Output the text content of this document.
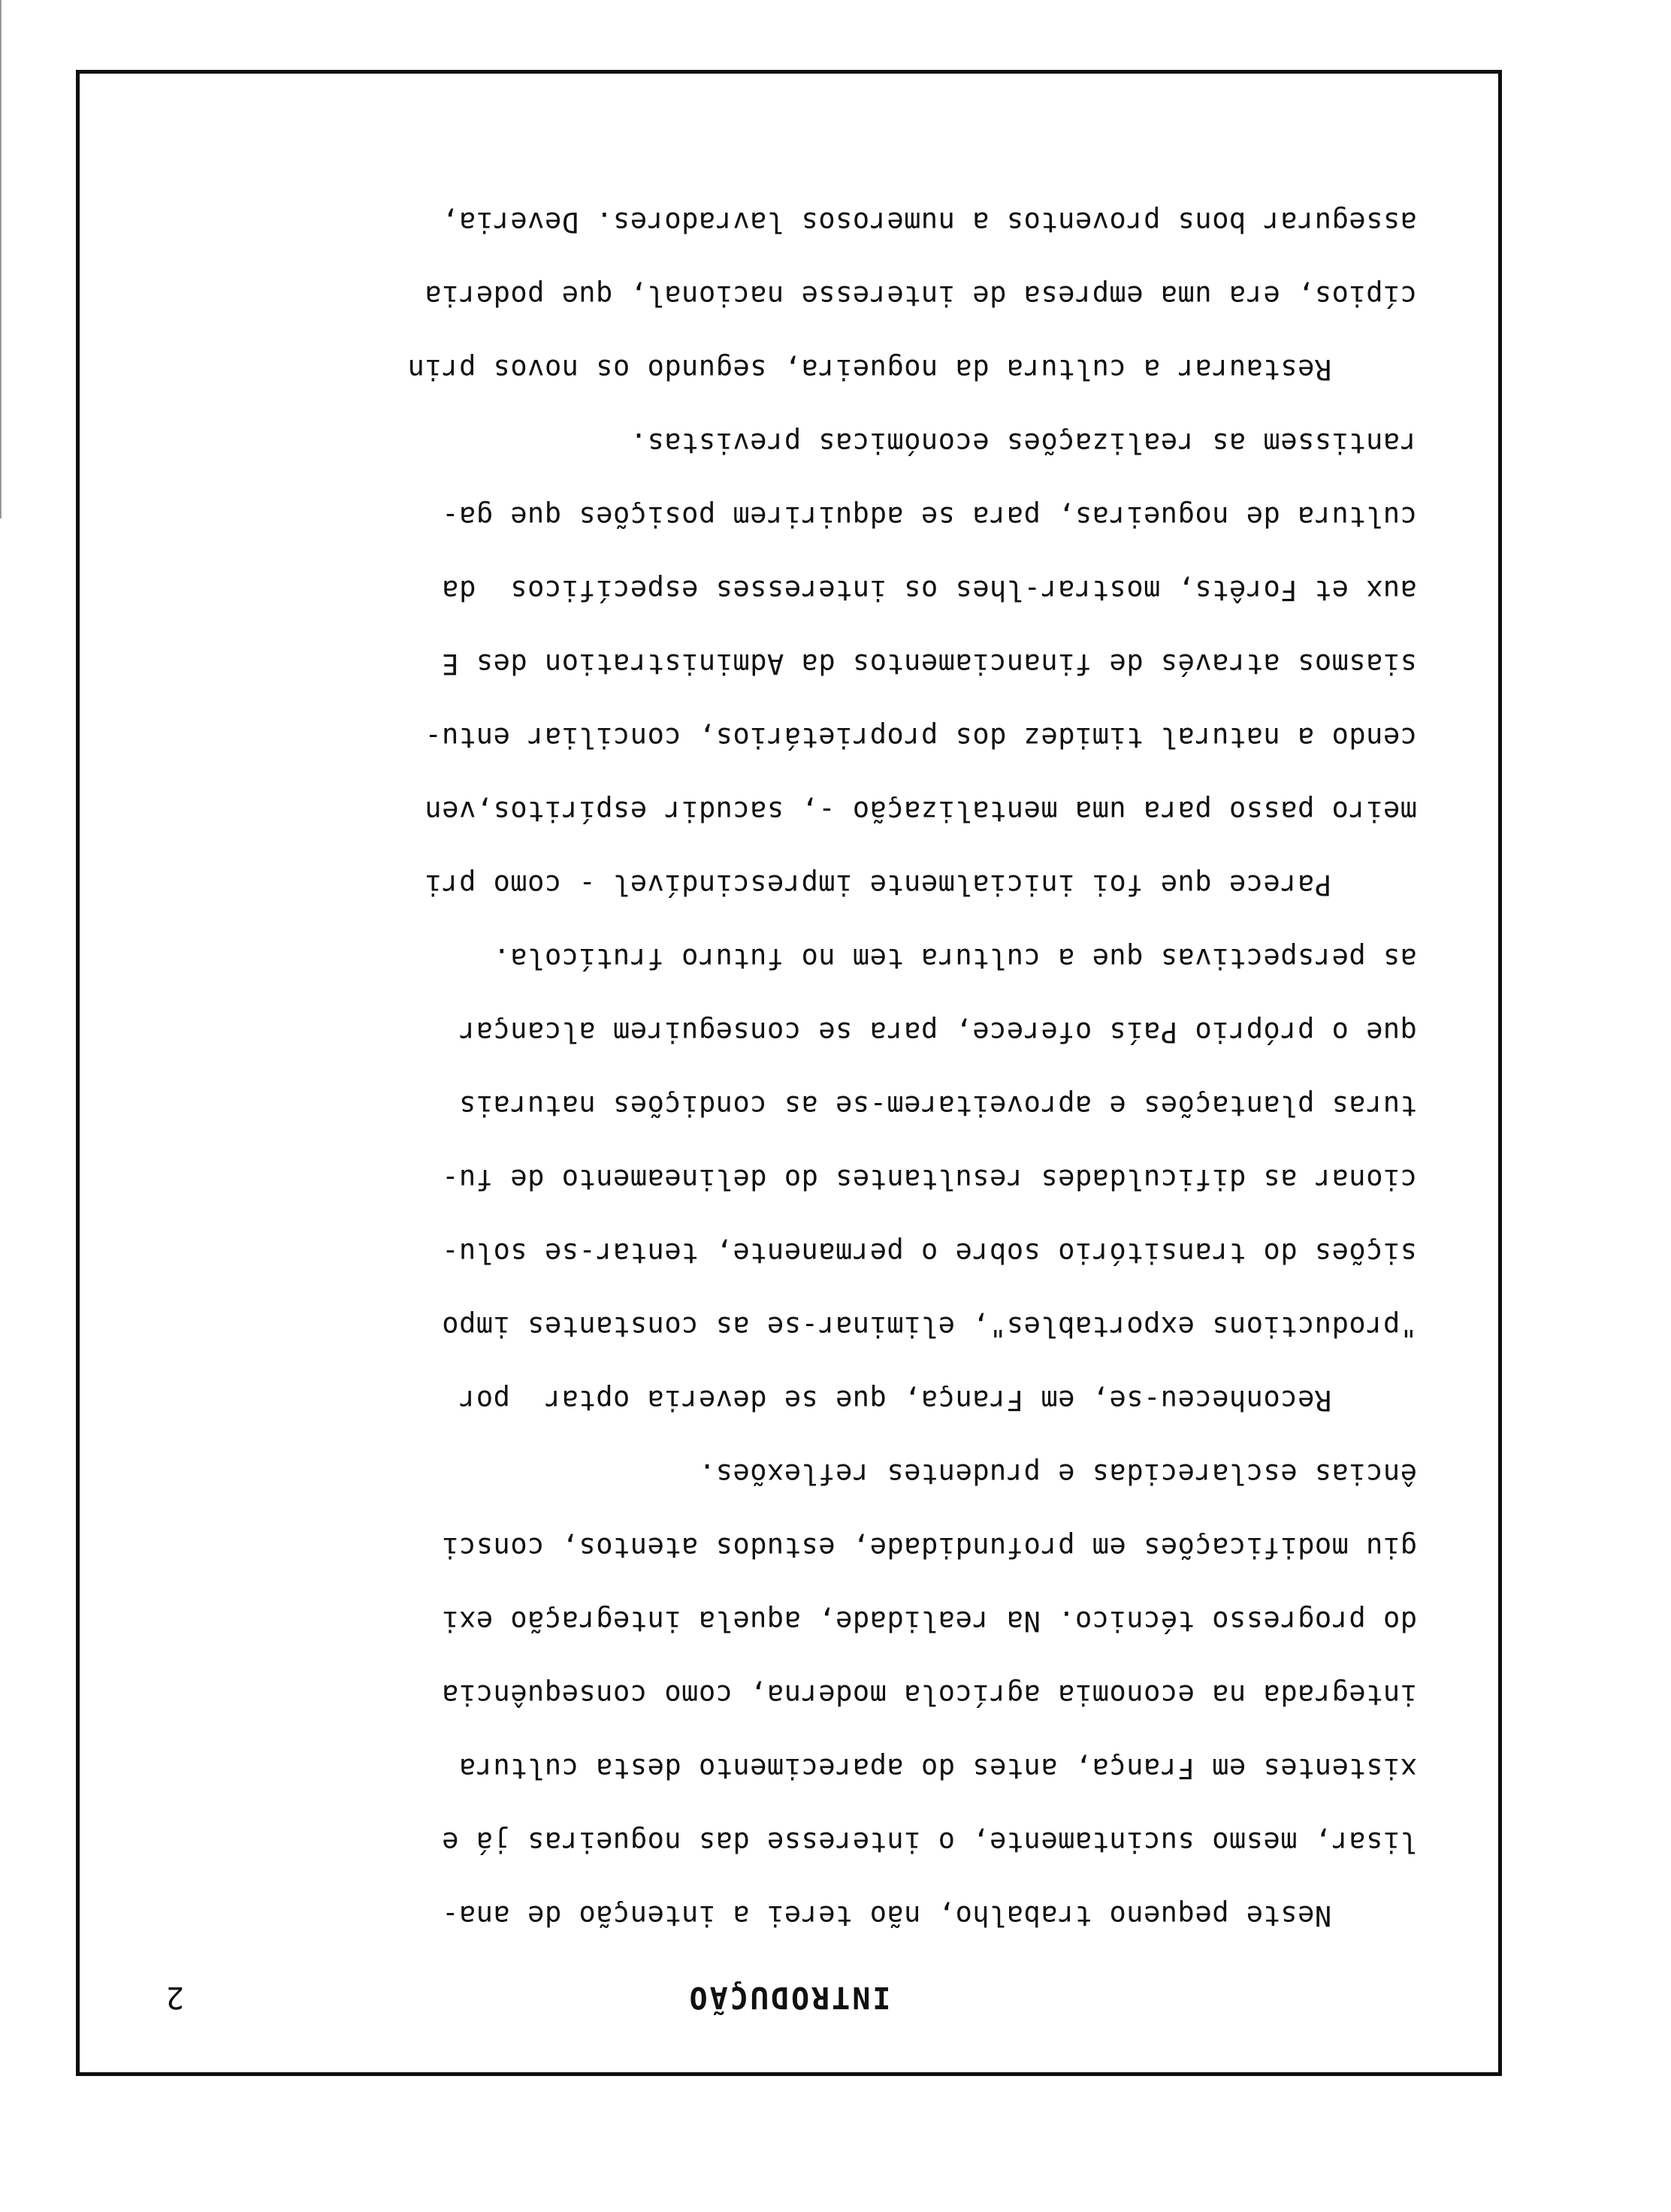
INTRODUÇÃO
2
Neste pequeno trabalho, não terei a intenção de ana-
lisar, mesmo sucintamente, o interesse das nogueiras já e
xistentes em França, antes do aparecimento desta cultura
integrada na economia agrícola moderna, como consequência
do progresso técnico. Na realidade, aquela integração exi
giu modificações em profundidade, estudos atentos, consci
ências esclarecidas e prudentes reflexões.
Reconheceu-se, em França, que se deveria optar  por
"productions exportables", eliminar-se as constantes impo
sições do transitório sobre o permanente, tentar-se solu-
cionar as dificuldades resultantes do delineamento de fu-
turas plantações e aproveitarem-se as condições naturais
que o próprio País oferece, para se conseguirem alcançar
as perspectivas que a cultura tem no futuro frutícola.
Parece que foi inicialmente imprescindível - como pri
meiro passo para uma mentalização -, sacudir espíritos,ven
cendo a natural timidez dos proprietários, conciliar entu-
siasmos através de financiamentos da Administration des E
aux et Forêts, mostrar-lhes os interesses específicos  da
cultura de nogueiras, para se adquirirem posições que ga-
rantissem as realizações económicas previstas.
Restaurar a cultura da nogueira, segundo os novos prin
cípios, era uma empresa de interesse nacional, que poderia
assegurar bons proventos a numerosos lavradores. Deveria,
